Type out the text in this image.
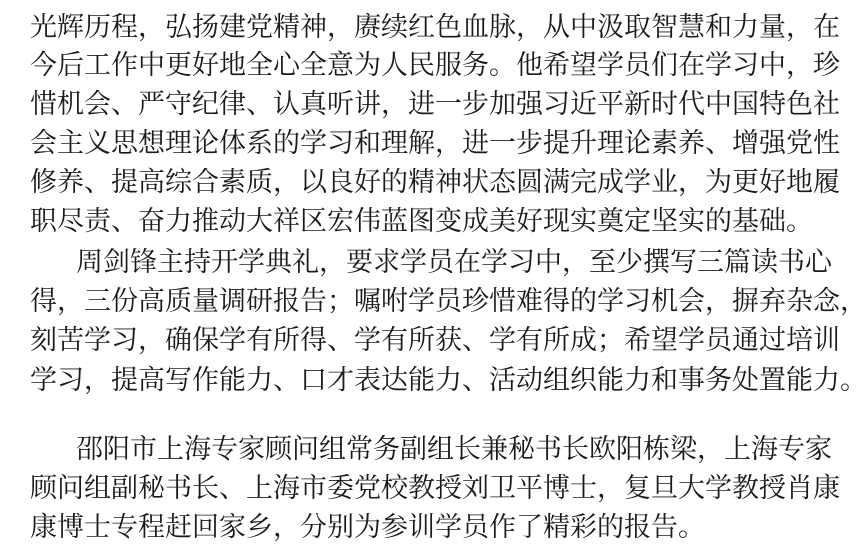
光辉历程，弘扬建党精神，赓续红色血脉，从中汲取智慧和力量，在
今后工作中更好地全心全意为人民服务。他希望学员们在学习中，珍
惜机会、严守纪律、认真听讲，进一步加强习近平新时代中国特色社
会主义思想理论体系的学习和理解，进一步提升理论素养、增强党性
修养、提高综合素质，以良好的精神状态圆满完成学业，为更好地履
职尽责、奋力推动大祥区宏伟蓝图变成美好现实奠定坚实的基础。
周剑锋主持开学典礼，要求学员在学习中，至少撰写三篇读书心
得，三份高质量调研报告；嘱咐学员珍惜难得的学习机会，摒弃杂念，
刻苦学习，确保学有所得、学有所获、学有所成；希望学员通过培训
学习，提高写作能力、口才表达能力、活动组织能力和事务处置能力。
邵阳市上海专家顾问组常务副组长兼秘书长欧阳栋梁，上海专家
顾问组副秘书长、上海市委党校教授刘卫平博士，复旦大学教授肖康
康博士专程赶回家乡，分别为参训学员作了精彩的报告。
